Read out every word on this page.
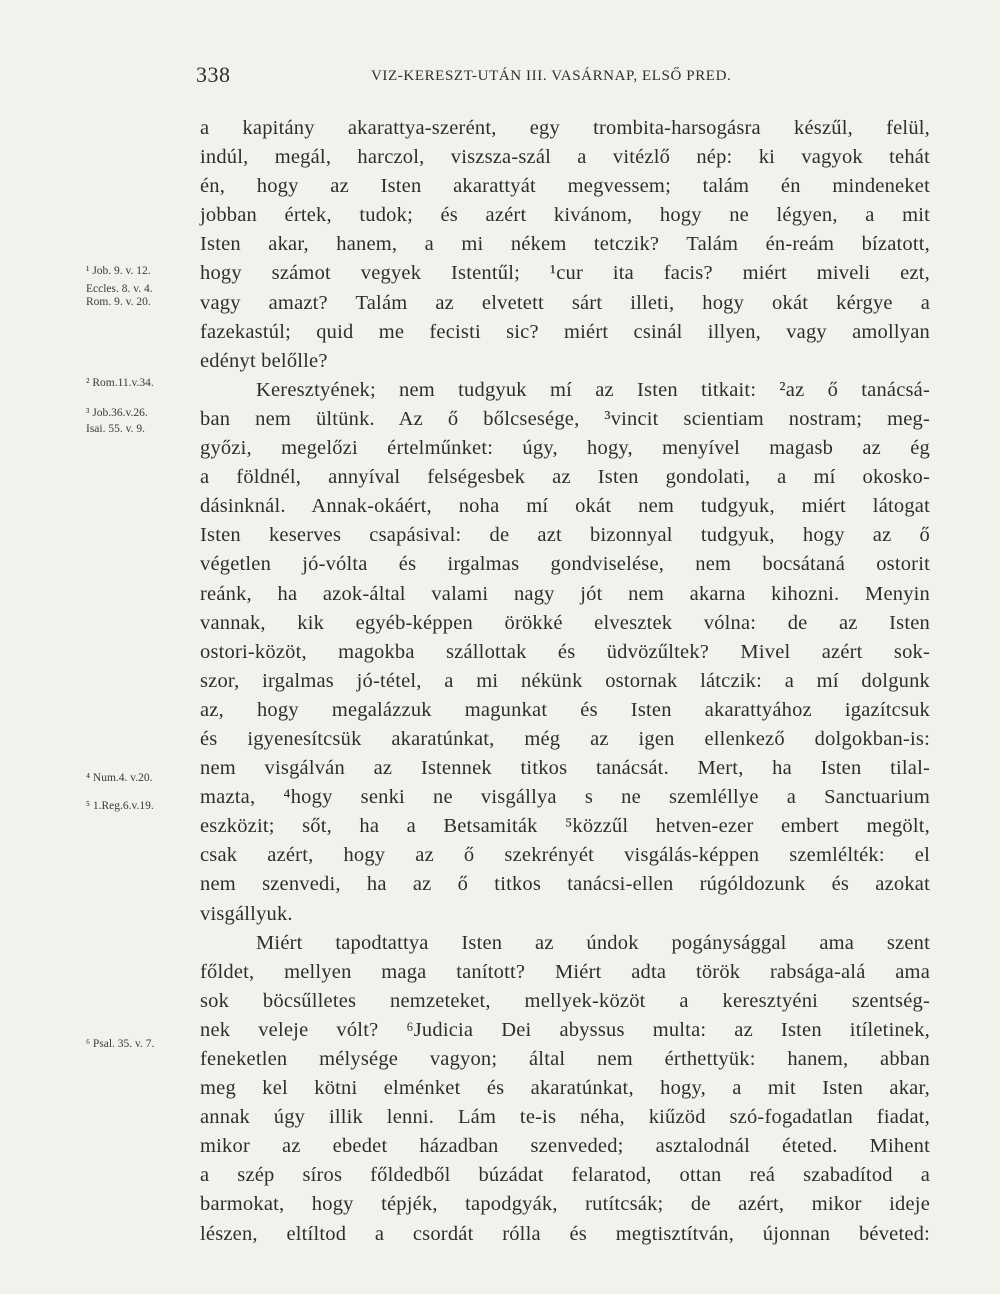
338	VIZ-KERESZT-UTÁN III. VASÁRNAP, ELSŐ PRED.
¹ Job. 9. v. 12.
Eccles. 8. v. 4.
Rom. 9. v. 20.
² Rom.11.v.34.
³ Job.36.v.26.
Isai. 55. v. 9.
⁴ Num.4. v.20.
⁵ 1.Reg.6.v.19.
⁶ Psal. 35. v. 7.
a kapitány akarattya-szerént, egy trombita-harsogásra készűl, felül,
indúl, megál, harczol, viszsza-szál a vitézlő nép: ki vagyok tehát
én, hogy az Isten akarattyát megvessem; talám én mindeneket
jobban értek, tudok; és azért kivánom, hogy ne légyen, a mit
Isten akar, hanem, a mi nékem tetczik? Talám én-reám bízatott,
hogy számot vegyek Istentűl; ¹cur ita facis? miért miveli ezt,
vagy amazt? Talám az elvetett sárt illeti, hogy okát kérgye a
fazekastúl; quid me fecisti sic? miért csinál illyen, vagy amollyan
edényt belőlle?
Keresztyének; nem tudgyuk mí az Isten titkait: ²az ő tanácsá-
ban nem ültünk. Az ő bőlcsesége, ³vincit scientiam nostram; meg-
győzi, megelőzi értelműnket: úgy, hogy, menyível magasb az ég
a földnél, annyíval felségesbek az Isten gondolati, a mí okosko-
dásinknál. Annak-okáért, noha mí okát nem tudgyuk, miért látogat
Isten keserves csapásival: de azt bizonnyal tudgyuk, hogy az ő
végetlen jó-vólta és irgalmas gondviselése, nem bocsátaná ostorit
reánk, ha azok-által valami nagy jót nem akarna kihozni. Menyin
vannak, kik egyéb-képpen örökké elvesztek vólna: de az Isten
ostori-közöt, magokba szállottak és üdvözűltek? Mivel azért sok-
szor, irgalmas jó-tétel, a mi nékünk ostornak látczik: a mí dolgunk
az, hogy megalázzuk magunkat és Isten akarattyához igazítcsuk
és igyenesítcsük akaratúnkat, még az igen ellenkező dolgokban-is:
nem visgálván az Istennek titkos tanácsát. Mert, ha Isten tilal-
mazta, ⁴hogy senki ne visgállya s ne szemléllye a Sanctuarium
eszközit; sőt, ha a Betsamiták ⁵közzűl hetven-ezer embert megölt,
csak azért, hogy az ő szekrényét visgálás-képpen szemlélték: el
nem szenvedi, ha az ő titkos tanácsi-ellen rúgóldozunk és azokat
visgállyuk.
Miért tapodtattya Isten az úndok pogánysággal ama szent
főldet, mellyen maga tanított? Miért adta török rabsága-alá ama
sok böcsűlletes nemzeteket, mellyek-közöt a keresztyéni szentség-
nek veleje vólt? ⁶Judicia Dei abyssus multa: az Isten itíletinek,
feneketlen mélysége vagyon; által nem érthettyük: hanem, abban
meg kel kötni elménket és akaratúnkat, hogy, a mit Isten akar,
annak úgy illik lenni. Lám te-is néha, kiűzöd szó-fogadatlan fiadat,
mikor az ebedet házadban szenveded; asztalodnál éteted. Mihent
a szép síros főldedből búzádat felaratod, ottan reá szabadítod a
barmokat, hogy tépjék, tapodgyák, rutítcsák; de azért, mikor ideje
lészen, eltíltod a csordát rólla és megtisztítván, újonnan béveted:
